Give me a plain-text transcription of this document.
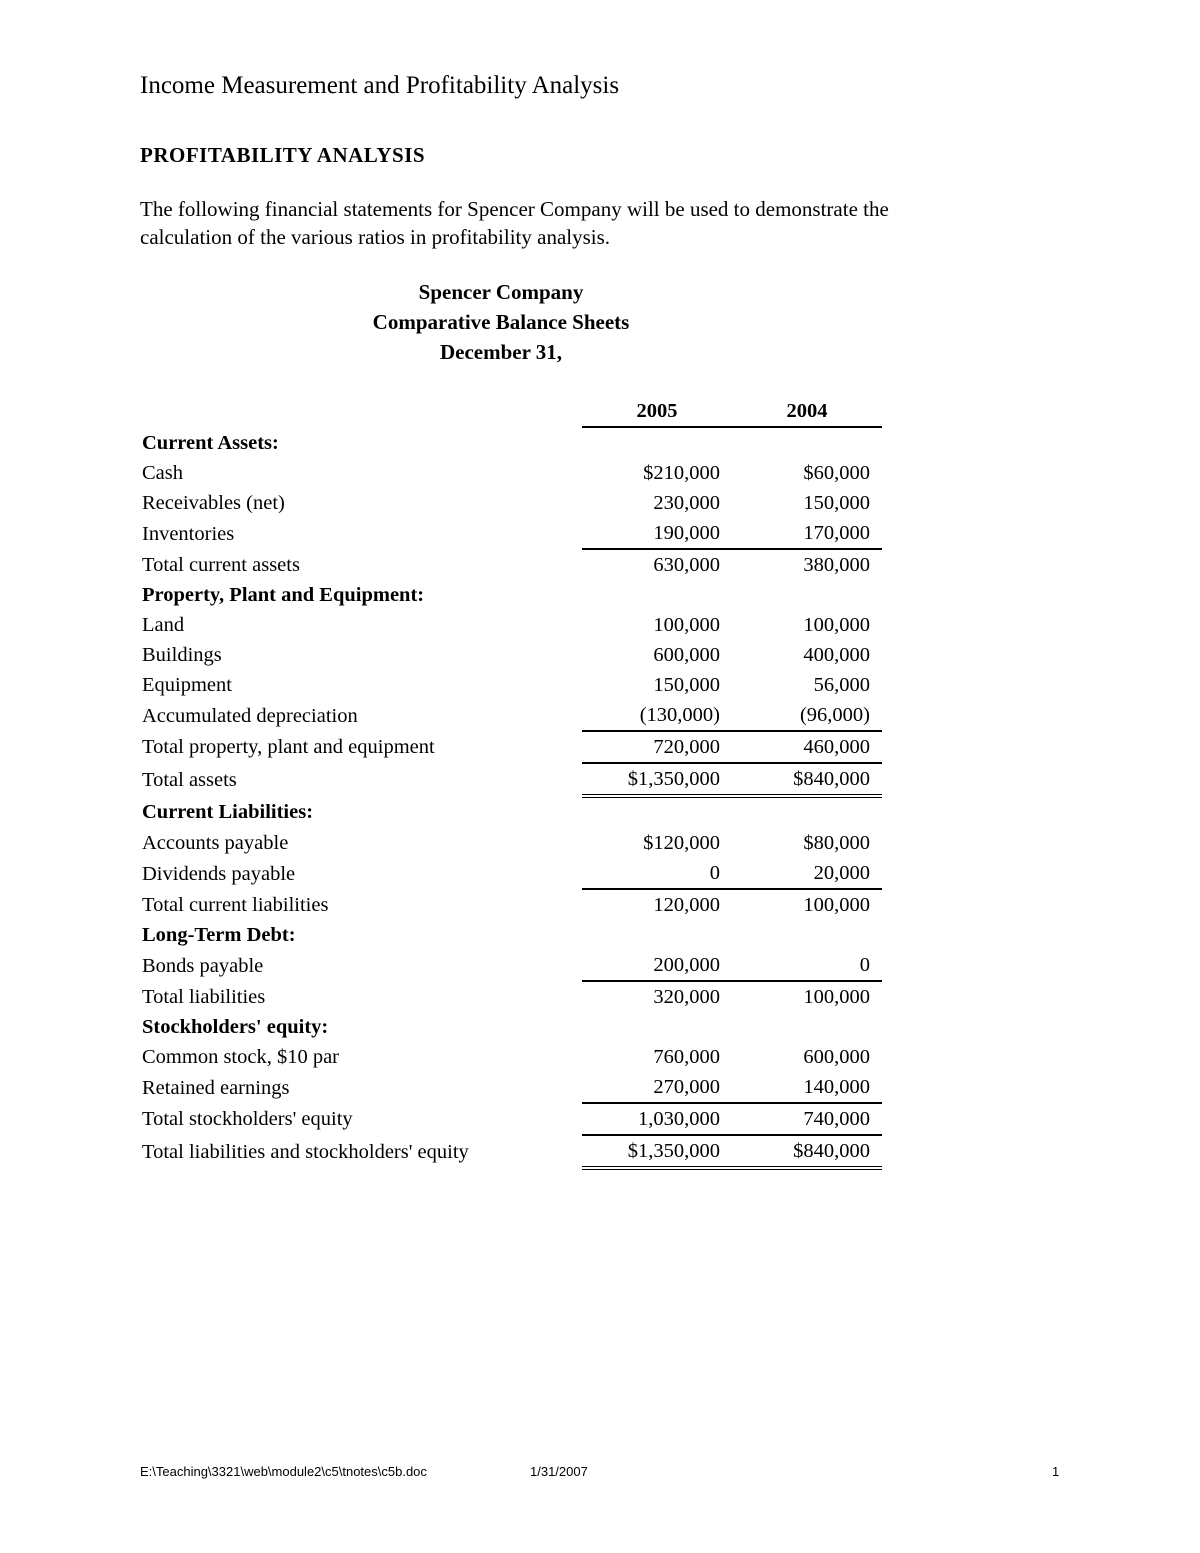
Income Measurement and Profitability Analysis
PROFITABILITY ANALYSIS
The following financial statements for Spencer Company will be used to demonstrate the
calculation of the various ratios in profitability analysis.
Spencer Company
Comparative Balance Sheets
December 31,
	2005	2004
Current Assets:		
Cash	$210,000	$60,000
Receivables (net)	230,000	150,000
Inventories	190,000	170,000
Total current assets	630,000	380,000
Property, Plant and Equipment:		
Land	100,000	100,000
Buildings	600,000	400,000
Equipment	150,000	56,000
Accumulated depreciation	(130,000)	(96,000)
Total property, plant and equipment	720,000	460,000
Total assets	$1,350,000	$840,000
Current Liabilities:		
Accounts payable	$120,000	$80,000
Dividends payable	0	20,000
Total current liabilities	120,000	100,000
Long-Term Debt:		
Bonds payable	200,000	0
Total liabilities	320,000	100,000
Stockholders' equity:		
Common stock, $10 par	760,000	600,000
Retained earnings	270,000	140,000
Total stockholders' equity	1,030,000	740,000
Total liabilities and stockholders' equity	$1,350,000	$840,000
E:\Teaching\3321\web\module2\c5\tnotes\c5b.doc	1/31/2007	1
